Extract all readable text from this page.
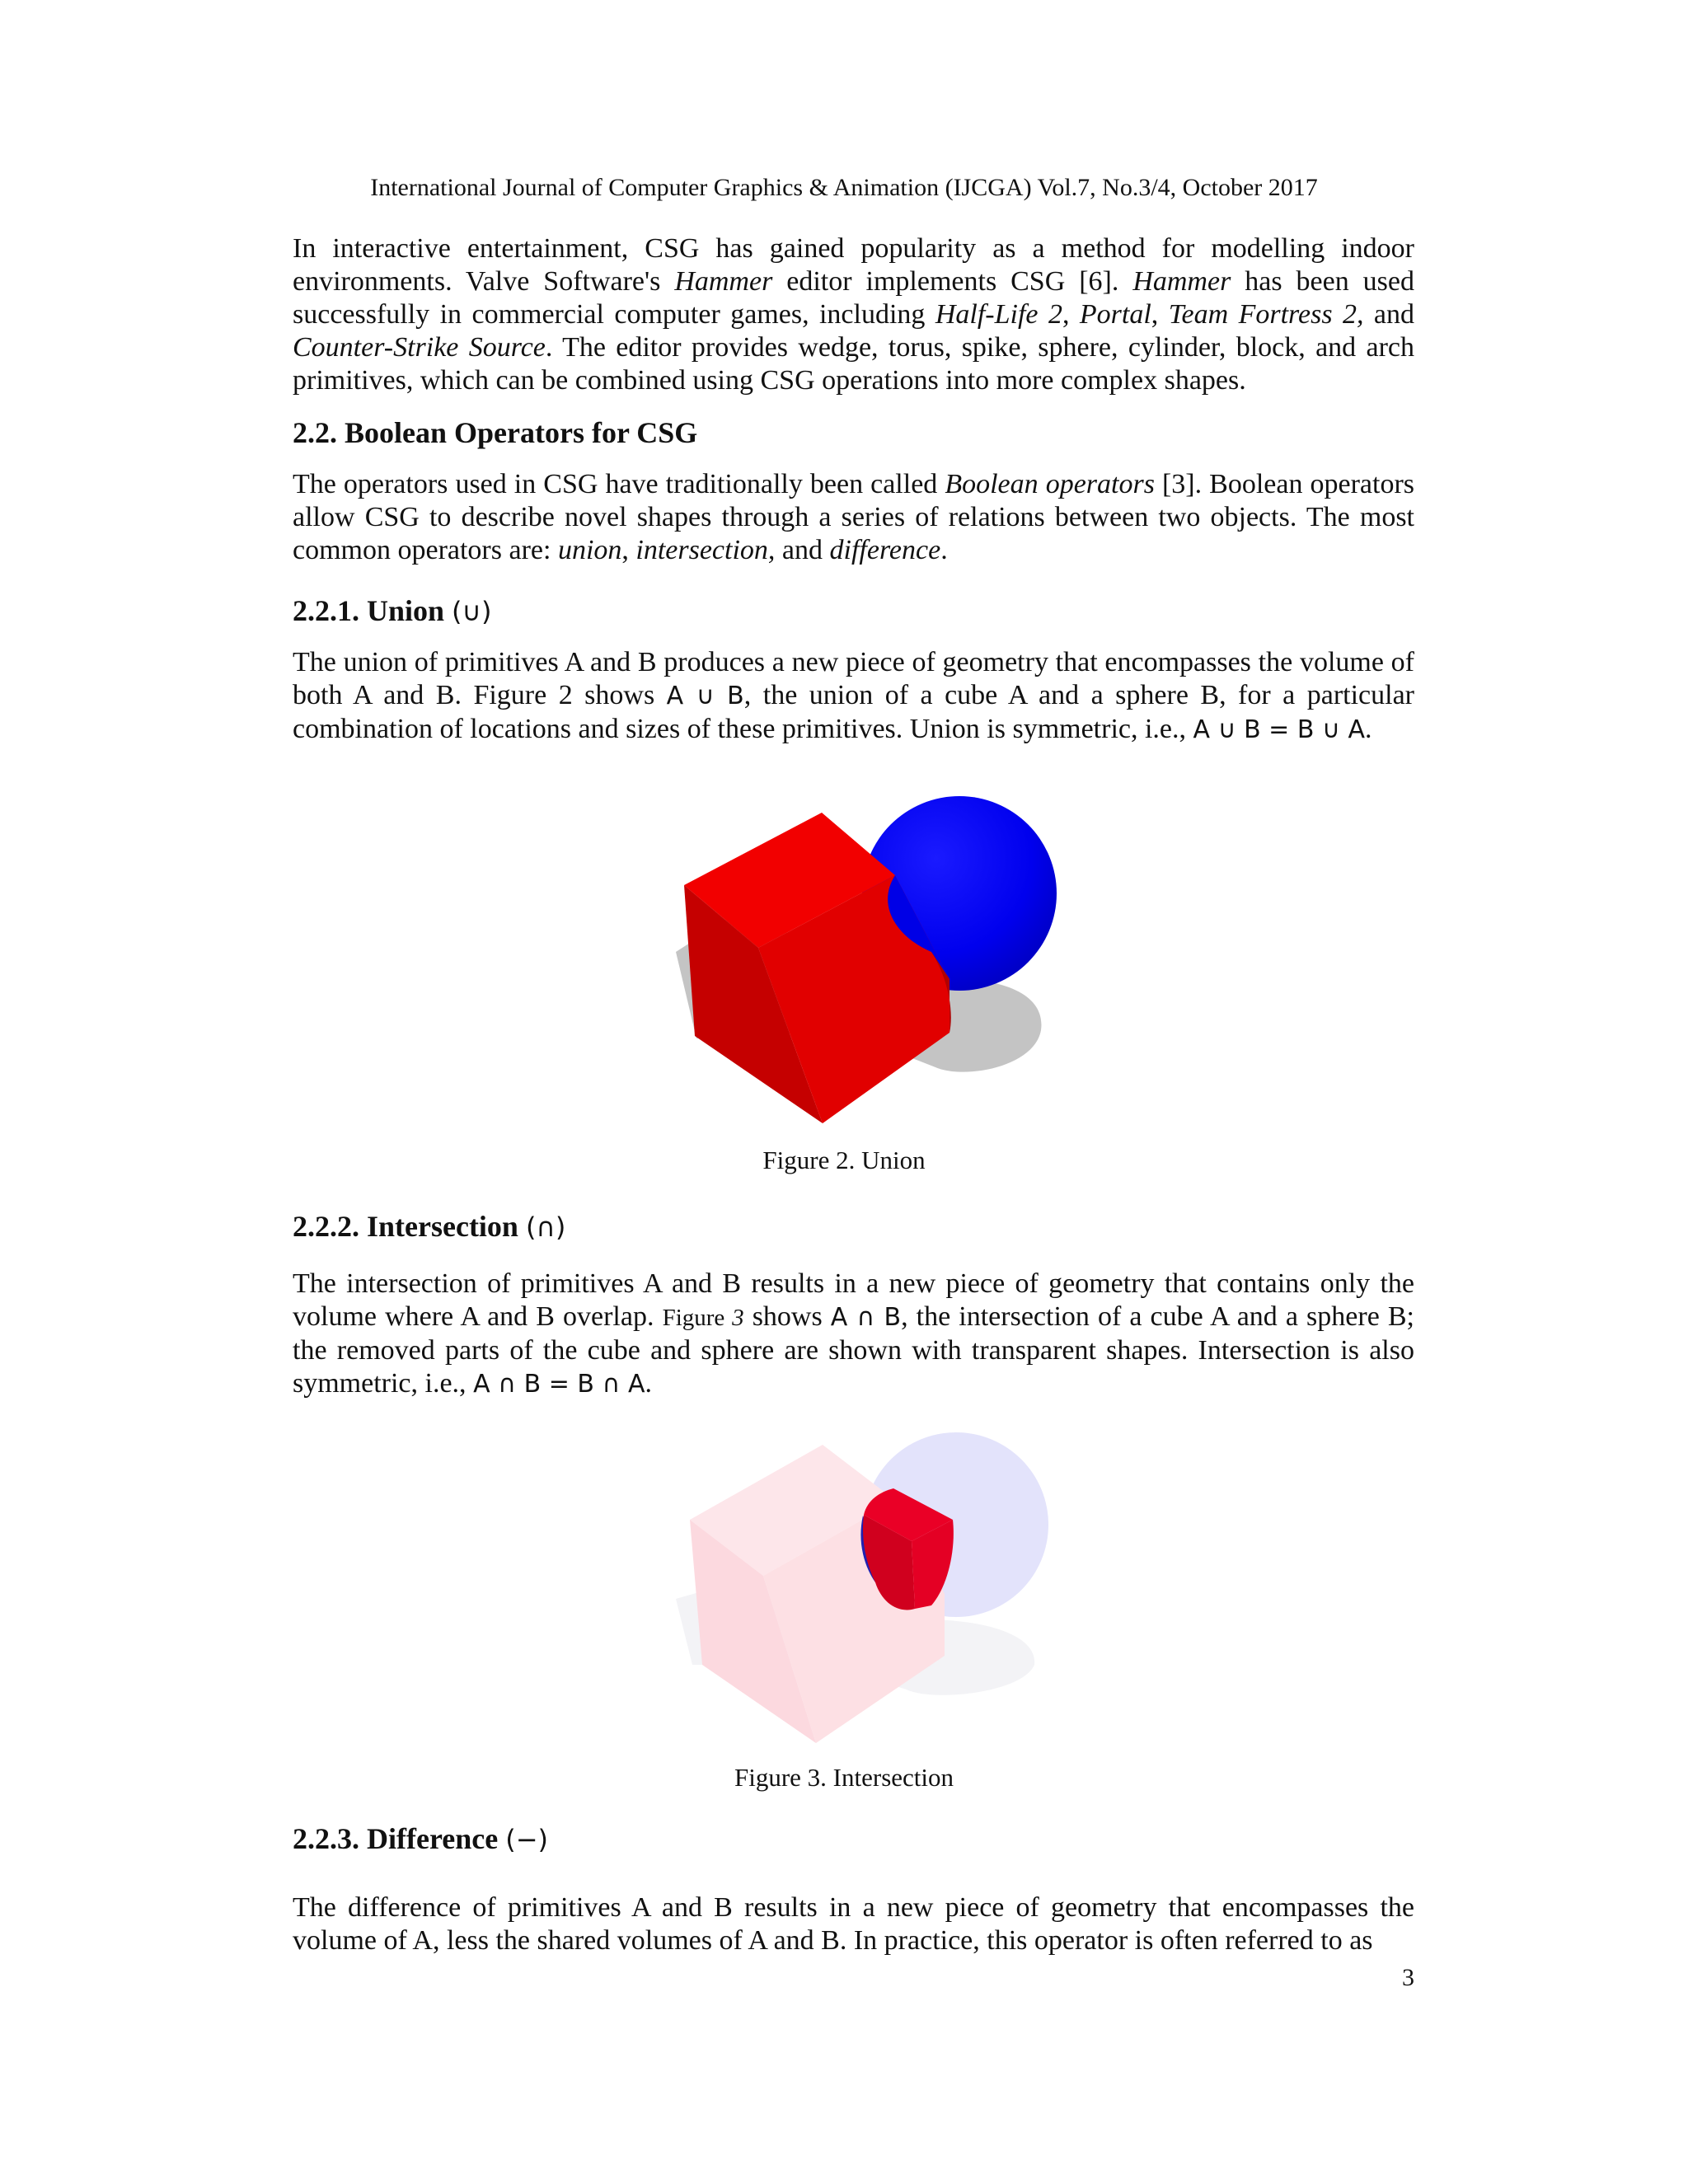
International Journal of Computer Graphics & Animation (IJCGA) Vol.7, No.3/4, October 2017

In interactive entertainment, CSG has gained popularity as a method for modelling indoor environments. Valve Software's Hammer editor implements CSG [6]. Hammer has been used successfully in commercial computer games, including Half-Life 2, Portal, Team Fortress 2, and Counter-Strike Source. The editor provides wedge, torus, spike, sphere, cylinder, block, and arch primitives, which can be combined using CSG operations into more complex shapes.

2.2. Boolean Operators for CSG

The operators used in CSG have traditionally been called Boolean operators [3]. Boolean operators allow CSG to describe novel shapes through a series of relations between two objects. The most common operators are: union, intersection, and difference.

2.2.1. Union (∪)

The union of primitives A and B produces a new piece of geometry that encompasses the volume of both A and B. Figure 2 shows A ∪ B, the union of a cube A and a sphere B, for a particular combination of locations and sizes of these primitives. Union is symmetric, i.e., A ∪ B = B ∪ A.

Figure 2. Union
2.2.2. Intersection (∩)

The intersection of primitives A and B results in a new piece of geometry that contains only the volume where A and B overlap. Figure 3 shows A ∩ B, the intersection of a cube A and a sphere B; the removed parts of the cube and sphere are shown with transparent shapes. Intersection is also symmetric, i.e., A ∩ B = B ∩ A.

Figure 3. Intersection
2.2.3. Difference (−)

The difference of primitives A and B results in a new piece of geometry that encompasses the volume of A, less the shared volumes of A and B. In practice, this operator is often referred to as

3
